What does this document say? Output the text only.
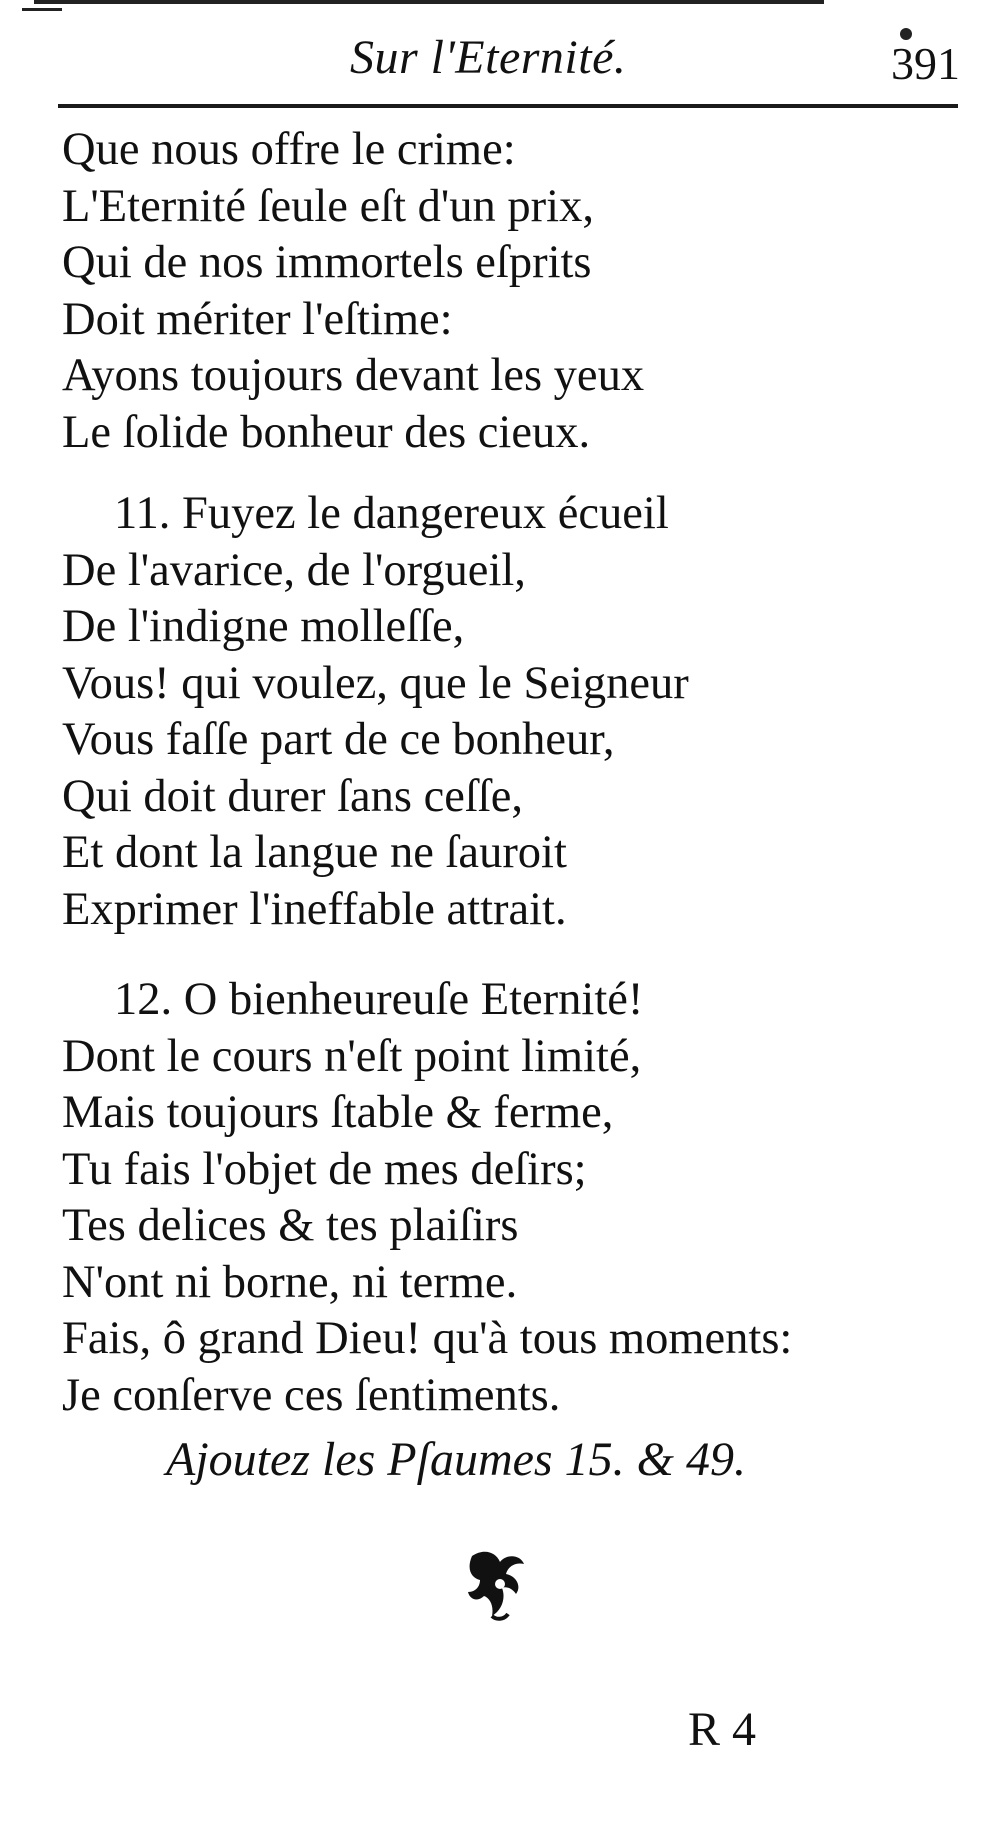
Sur l'Eternité.	391
Que nous offre le crime:
L'Eternité ſeule eſt d'un prix,
Qui de nos immortels eſprits
Doit mériter l'eſtime:
Ayons toujours devant les yeux
Le ſolide bonheur des cieux.
11. Fuyez le dangereux écueil
De l'avarice, de l'orgueil,
De l'indigne molleſſe,
Vous! qui voulez, que le Seigneur
Vous faſſe part de ce bonheur,
Qui doit durer ſans ceſſe,
Et dont la langue ne ſauroit
Exprimer l'ineffable attrait.
12. O bienheureuſe Eternité!
Dont le cours n'eſt point limité,
Mais toujours ſtable & ferme,
Tu fais l'objet de mes deſirs;
Tes delices & tes plaiſirs
N'ont ni borne, ni terme.
Fais, ô grand Dieu! qu'à tous moments:
Je conſerve ces ſentiments.
Ajoutez les Pſaumes 15. & 49.
R 4
